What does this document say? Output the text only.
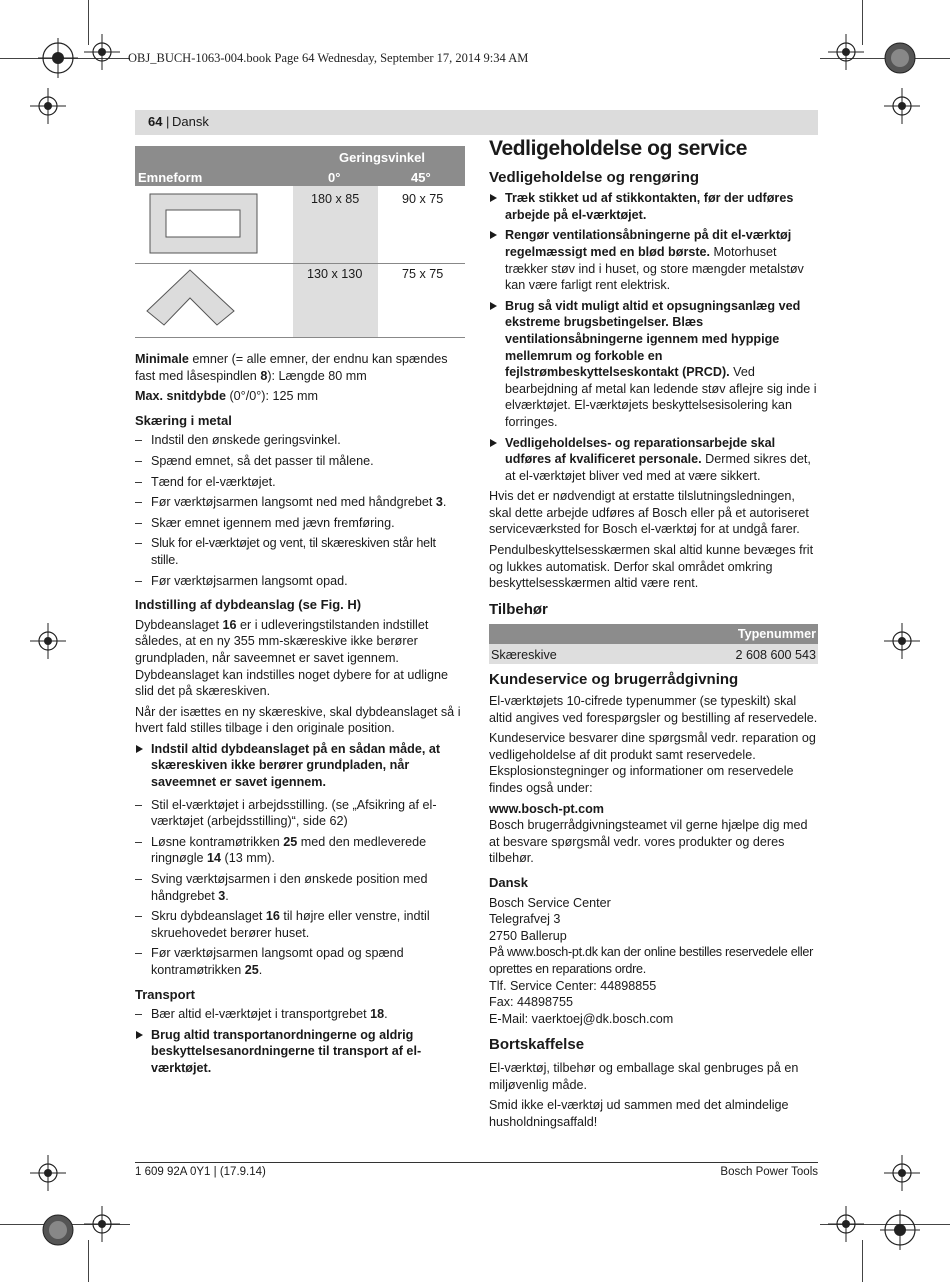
OBJ_BUCH-1063-004.book Page 64 Wednesday, September 17, 2014 9:34 AM
64 | Dansk
Geringsvinkel
Emneform	0°	45°
180 x 85	90 x 75
130 x 130	75 x 75

Minimale emner (= alle emner, der endnu kan spændes fast med låsespindlen 8): Længde 80 mm

Max. snitdybde (0°/0°): 125 mm

Skæring i metal

– Indstil den ønskede geringsvinkel.

– Spænd emnet, så det passer til målene.

– Tænd for el-værktøjet.

– Før værktøjsarmen langsomt ned med håndgrebet 3.

– Skær emnet igennem med jævn fremføring.

– Sluk for el-værktøjet og vent, til skæreskiven står helt stille.

– Før værktøjsarmen langsomt opad.

Indstilling af dybdeanslag (se Fig. H)

Dybdeanslaget 16 er i udleveringstilstanden indstillet således, at en ny 355 mm-skæreskive ikke berører grundpladen, når saveemnet er savet igennem.

Dybdeanslaget kan indstilles noget dybere for at udligne slid det på skæreskiven.

Når der isættes en ny skæreskive, skal dybdeanslaget så i hvert fald stilles tilbage i den originale position.

Indstil altid dybdeanslaget på en sådan måde, at skæreskiven ikke berører grundpladen, når saveemnet er savet igennem.

– Stil el-værktøjet i arbejdsstilling. (se „Afsikring af el-værktøjet (arbejdsstilling)“, side 62)

– Løsne kontramøtrikken 25 med den medleverede ringnøgle 14 (13 mm).

– Sving værktøjsarmen i den ønskede position med håndgrebet 3.

– Skru dybdeanslaget 16 til højre eller venstre, indtil skruehovedet berører huset.

– Før værktøjsarmen langsomt opad og spænd kontramøtrikken 25.

Transport

– Bær altid el-værktøjet i transportgrebet 18.

Brug altid transportanordningerne og aldrig beskyttelsesanordningerne til transport af el-værktøjet.

Vedligeholdelse og service
Vedligeholdelse og rengøring

Træk stikket ud af stikkontakten, før der udføres arbejde på el-værktøjet.

Rengør ventilationsåbningerne på dit el-værktøj regelmæssigt med en blød børste. Motorhuset trækker støv ind i huset, og store mængder metalstøv kan være farligt rent elektrisk.

Brug så vidt muligt altid et opsugningsanlæg ved ekstreme brugsbetingelser. Blæs ventilationsåbningerne igennem med hyppige mellemrum og forkoble en fejlstrømbeskyttelseskontakt (PRCD). Ved bearbejdning af metal kan ledende støv aflejre sig inde i elværktøjet. El-værktøjets beskyttelsesisolering kan forringes.

Vedligeholdelses- og reparationsarbejde skal udføres af kvalificeret personale. Dermed sikres det, at el-værktøjet bliver ved med at være sikkert.

Hvis det er nødvendigt at erstatte tilslutningsledningen, skal dette arbejde udføres af Bosch eller på et autoriseret serviceværksted for Bosch el-værktøj for at undgå farer.

Pendulbeskyttelsesskærmen skal altid kunne bevæges frit og lukkes automatisk. Derfor skal området omkring beskyttelsesskærmen altid være rent.

Tilbehør
Typenummer
Skæreskive	2 608 600 543
Kundeservice og brugerrådgivning

El-værktøjets 10-cifrede typenummer (se typeskilt) skal altid angives ved forespørgsler og bestilling af reservedele.

Kundeservice besvarer dine spørgsmål vedr. reparation og vedligeholdelse af dit produkt samt reservedele. Eksplosionstegninger og informationer om reservedele findes også under:

www.bosch-pt.com

Bosch brugerrådgivningsteamet vil gerne hjælpe dig med at besvare spørgsmål vedr. vores produkter og deres tilbehør.

Dansk

Bosch Service Center

Telegrafvej 3

2750 Ballerup

På www.bosch-pt.dk kan der online bestilles reservedele eller oprettes en reparations ordre.

Tlf. Service Center: 44898855

Fax: 44898755

E-Mail: vaerktoej@dk.bosch.com

Bortskaffelse

El-værktøj, tilbehør og emballage skal genbruges på en miljøvenlig måde.

Smid ikke el-værktøj ud sammen med det almindelige husholdningsaffald!

1 609 92A 0Y1 | (17.9.14)	Bosch Power Tools
